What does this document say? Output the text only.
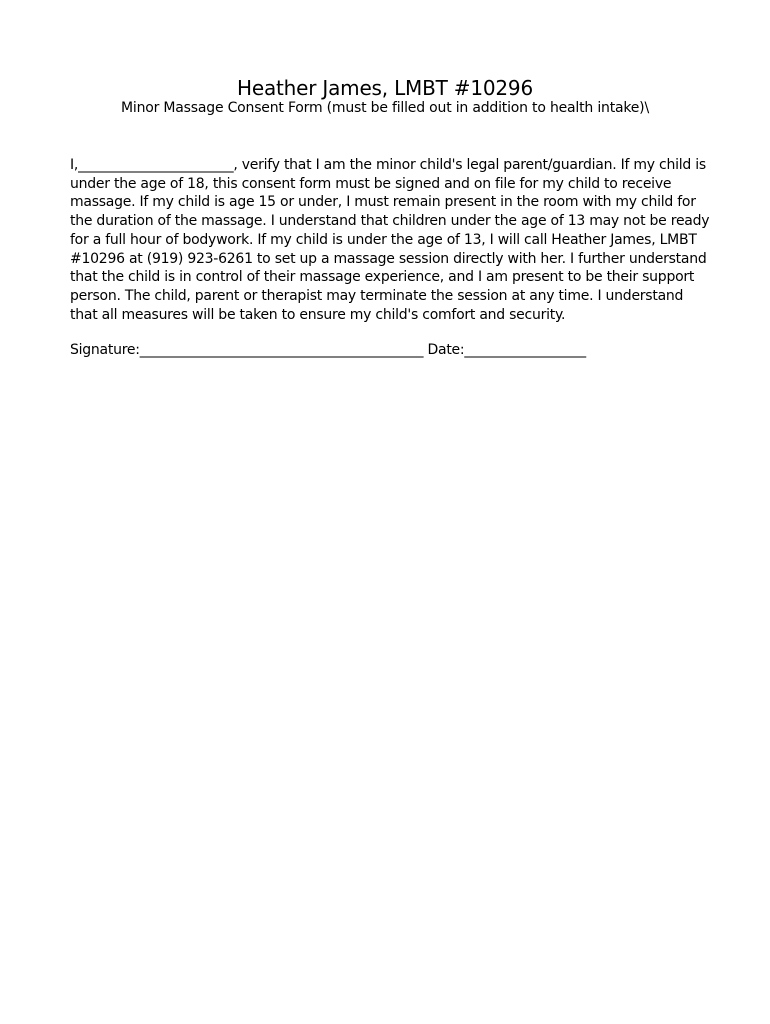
Heather James, LMBT #10296
Minor Massage Consent Form (must be filled out in addition to health intake)\
I,_______________________, verify that I am the minor child's legal parent/guardian. If my child is under the age of 18, this consent form must be signed and on file for my child to receive massage. If my child is age 15 or under, I must remain present in the room with my child for the duration of the massage. I understand that children under the age of 13 may not be ready for a full hour of bodywork. If my child is under the age of 13, I will call Heather James, LMBT #10296 at (919) 923-6261 to set up a massage session directly with her. I further understand that the child is in control of their massage experience, and I am present to be their support person. The child, parent or therapist may terminate the session at any time. I understand that all measures will be taken to ensure my child's comfort and security.
Signature:__________________________________________ Date:__________________
